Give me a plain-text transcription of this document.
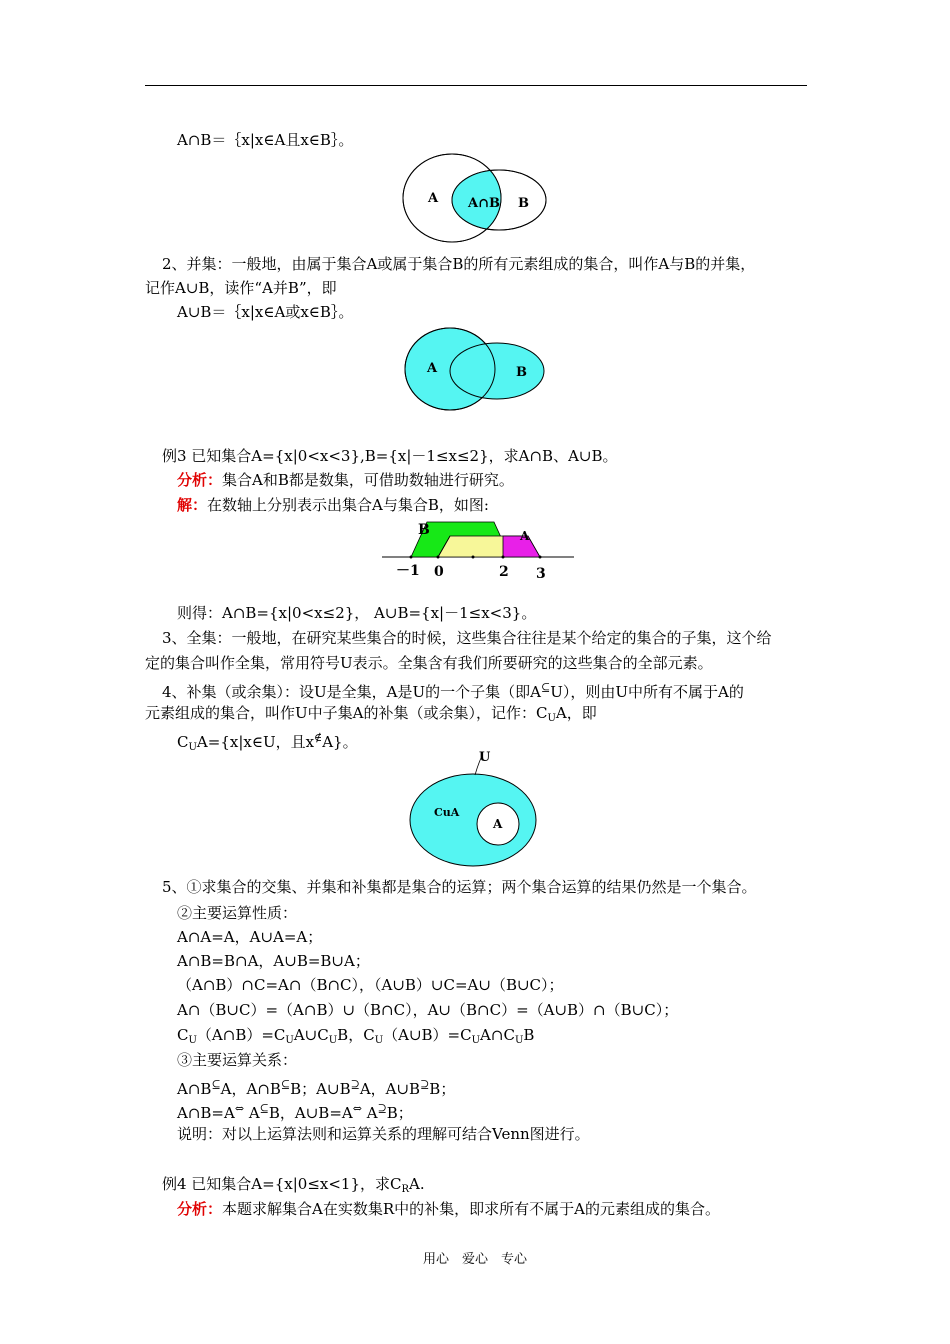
A∩B＝｛x|x∈A且x∈B｝。
A A∩B B
2、并集：一般地，由属于集合A或属于集合B的所有元素组成的集合，叫作A与B的并集，
记作A∪B，读作“A并B”，即
A∪B＝｛x|x∈A或x∈B｝。
A	B
例3 已知集合A={x|0<x<3},B={x|－1≤x≤2}，求A∩B、A∪B。
分析：集合A和B都是数集，可借助数轴进行研究。
解：在数轴上分别表示出集合A与集合B，如图:
B	A
－1 0	2 3
则得：A∩B={x|0<x≤2}， A∪B={x|－1≤x<3}。
3、全集：一般地，在研究某些集合的时候，这些集合往往是某个给定的集合的子集，这个给
定的集合叫作全集，常用符号U表示。全集含有我们所要研究的这些集合的全部元素。
4、补集（或余集）：设U是全集，A是U的一个子集（即A⊆U），则由U中所有不属于A的
元素组成的集合，叫作U中子集A的补集（或余集），记作：$C_UA$，即
$C_UA=\{x|x\in U$，且x∉A}。
U
CuA
A
5、①求集合的交集、并集和补集都是集合的运算；两个集合运算的结果仍然是一个集合。
②主要运算性质：
A∩A=A，A∪A=A；
A∩B=B∩A，A∪B=B∪A；
（A∩B）∩C=A∩（B∩C），（A∪B）∪C=A∪（B∪C）；
A∩（B∪C）=（A∩B）∪（B∩C），A∪（B∩C）=（A∪B）∩（B∪C）；
$C_U(A\cap B)=C_UA\cup C_UB$，$C_U(A\cup B)=C_UA\cap C_UB$
③主要运算关系：
A∩B⊆A，A∩B⊆B；A∪B⊇A，A∪B⊇B；
A∩B=A⇔ A⊆B，A∪B=A⇔ A⊇B；
说明：对以上运算法则和运算关系的理解可结合Venn图进行。
例4 已知集合A={x|0≤x<1}，求$C_RA$.
分析：本题求解集合A在实数集R中的补集，即求所有不属于A的元素组成的集合。
用心　爱心　专心
